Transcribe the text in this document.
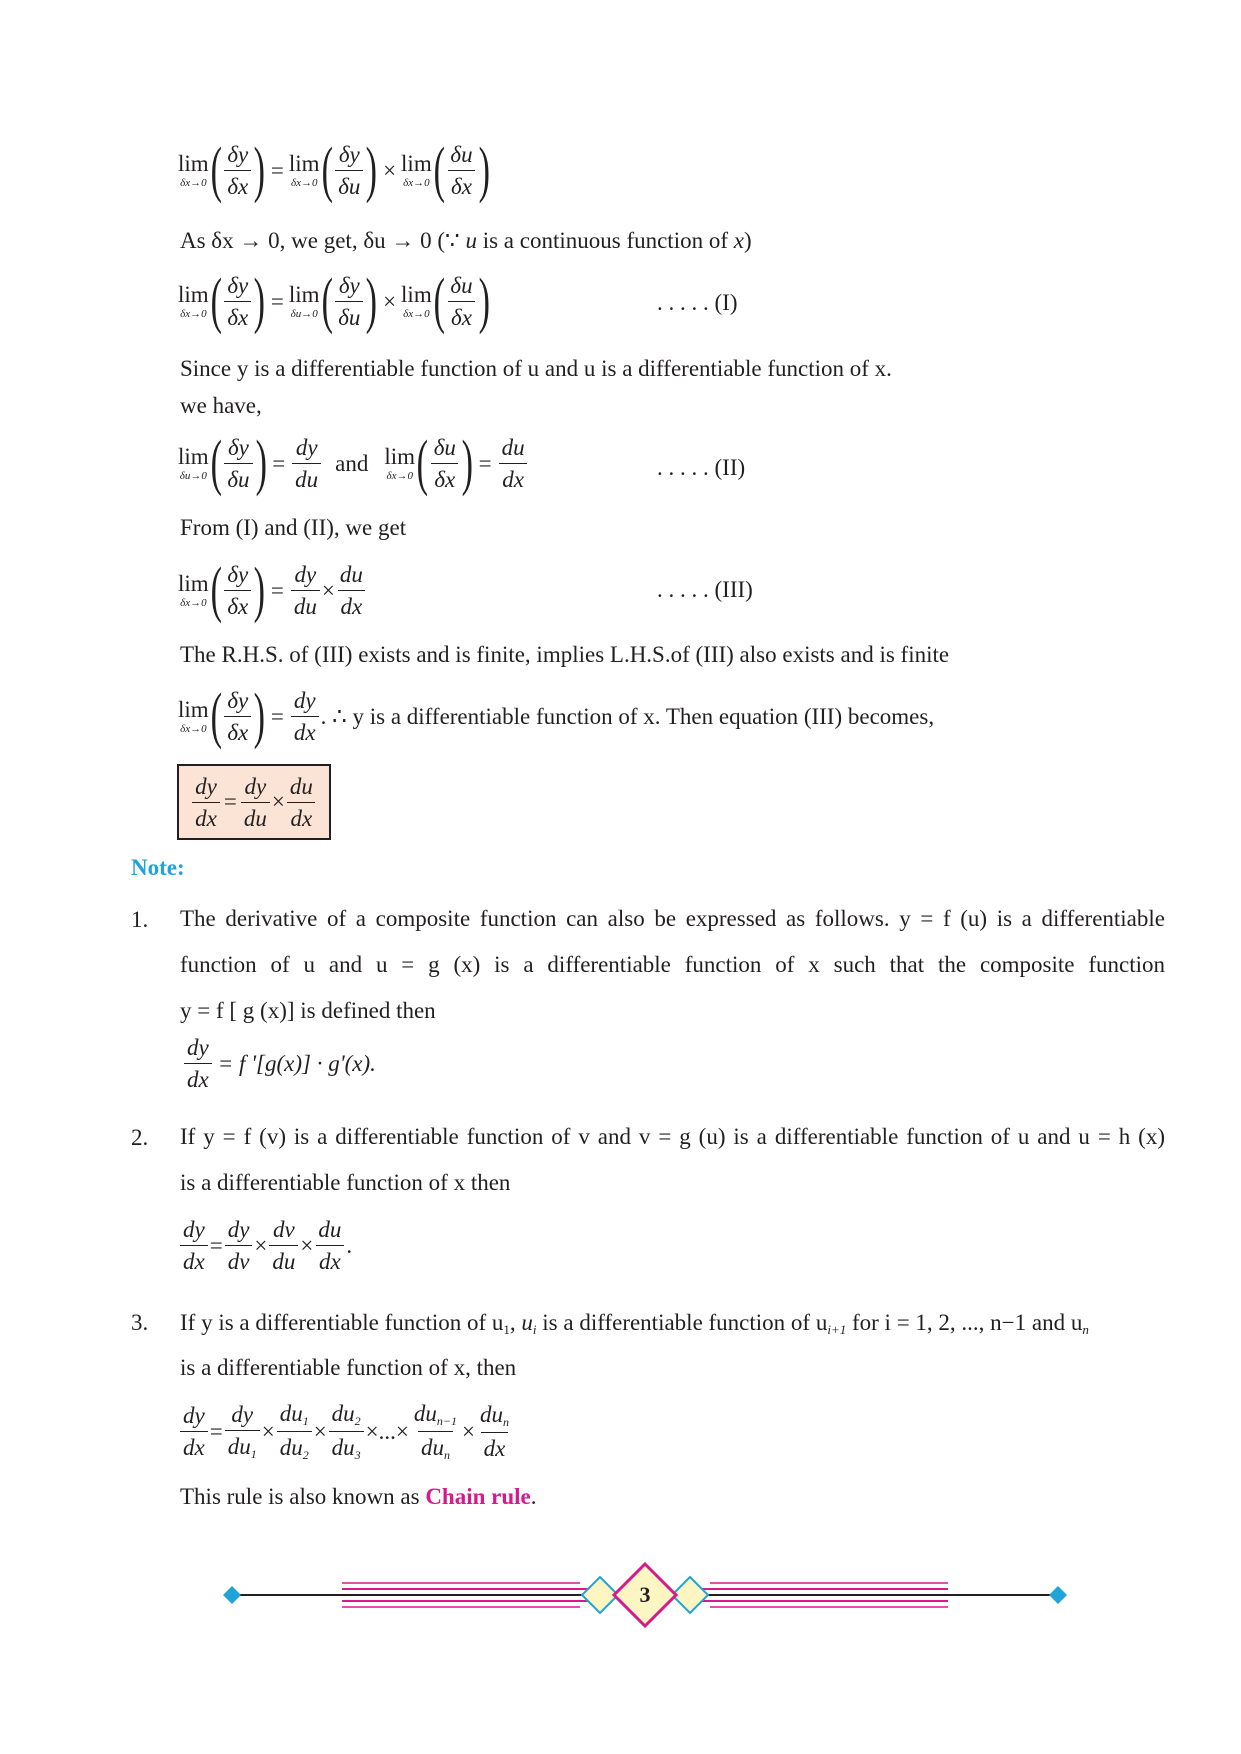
lim
δx→0 ( δy
δx ) = lim
δx→0 ( δy
δu ) × lim
δx→0 ( δu
δx )
As δx → 0, we get, δu → 0 (∵ u is a continuous function of x)
lim
δx→0 ( δy
δx ) = lim
δu→0 ( δy
δu ) × lim
δx→0 ( δu
δx )	. . . . . (I)
Since y is a differentiable function of u and u is a differentiable function of x.
we have,
lim
δu→0 ( δy
δu ) = $\frac{dy}{du}$ and lim
δx→0 ( δu
δx ) = $\frac{du}{dx}$	. . . . . (II)
From (I) and (II), we get
lim
δx→0 ( δy
δx ) = $\frac{dy}{du} \times \frac{du}{dx}$	. . . . . (III)
The R.H.S. of (III) exists and is finite, implies L.H.S.of (III) also exists and is finite
lim
δx→0 ( δy
δx ) = $\frac{dy}{dx}$ . ∴ y is a differentiable function of x. Then equation (III) becomes,
$\frac{dy}{dx} = \frac{dy}{du} \times \frac{du}{dx}$
Note:
1. The derivative of a composite function can also be expressed as follows. y = f (u) is a differentiable
function of u and u = g (x) is a differentiable function of x such that the composite function
y = f [ g (x)] is defined then
$\frac{dy}{dx} = f$ '[g(x)] · g'(x).
2. If y = f (v) is a differentiable function of v and v = g (u) is a differentiable function of u and u = h (x)
is a differentiable function of x then
$\frac{dy}{dx} = \frac{dy}{dv} \times \frac{dv}{du} \times \frac{du}{dx}$ .
3. If y is a differentiable function of $u_1$, $u_i$ is a differentiable function of $u_{i+1}$ for i = 1, 2, ..., n−1 and $u_n$
is a differentiable function of x, then
$\frac{dy}{dx} = \frac{dy}{du_1} \times \frac{du_1}{du_2} \times \frac{du_2}{du_3}$ × ... ×
$du_{n-1}$
$du_n$
×
$du_n$
dx
This rule is also known as Chain rule.
3
